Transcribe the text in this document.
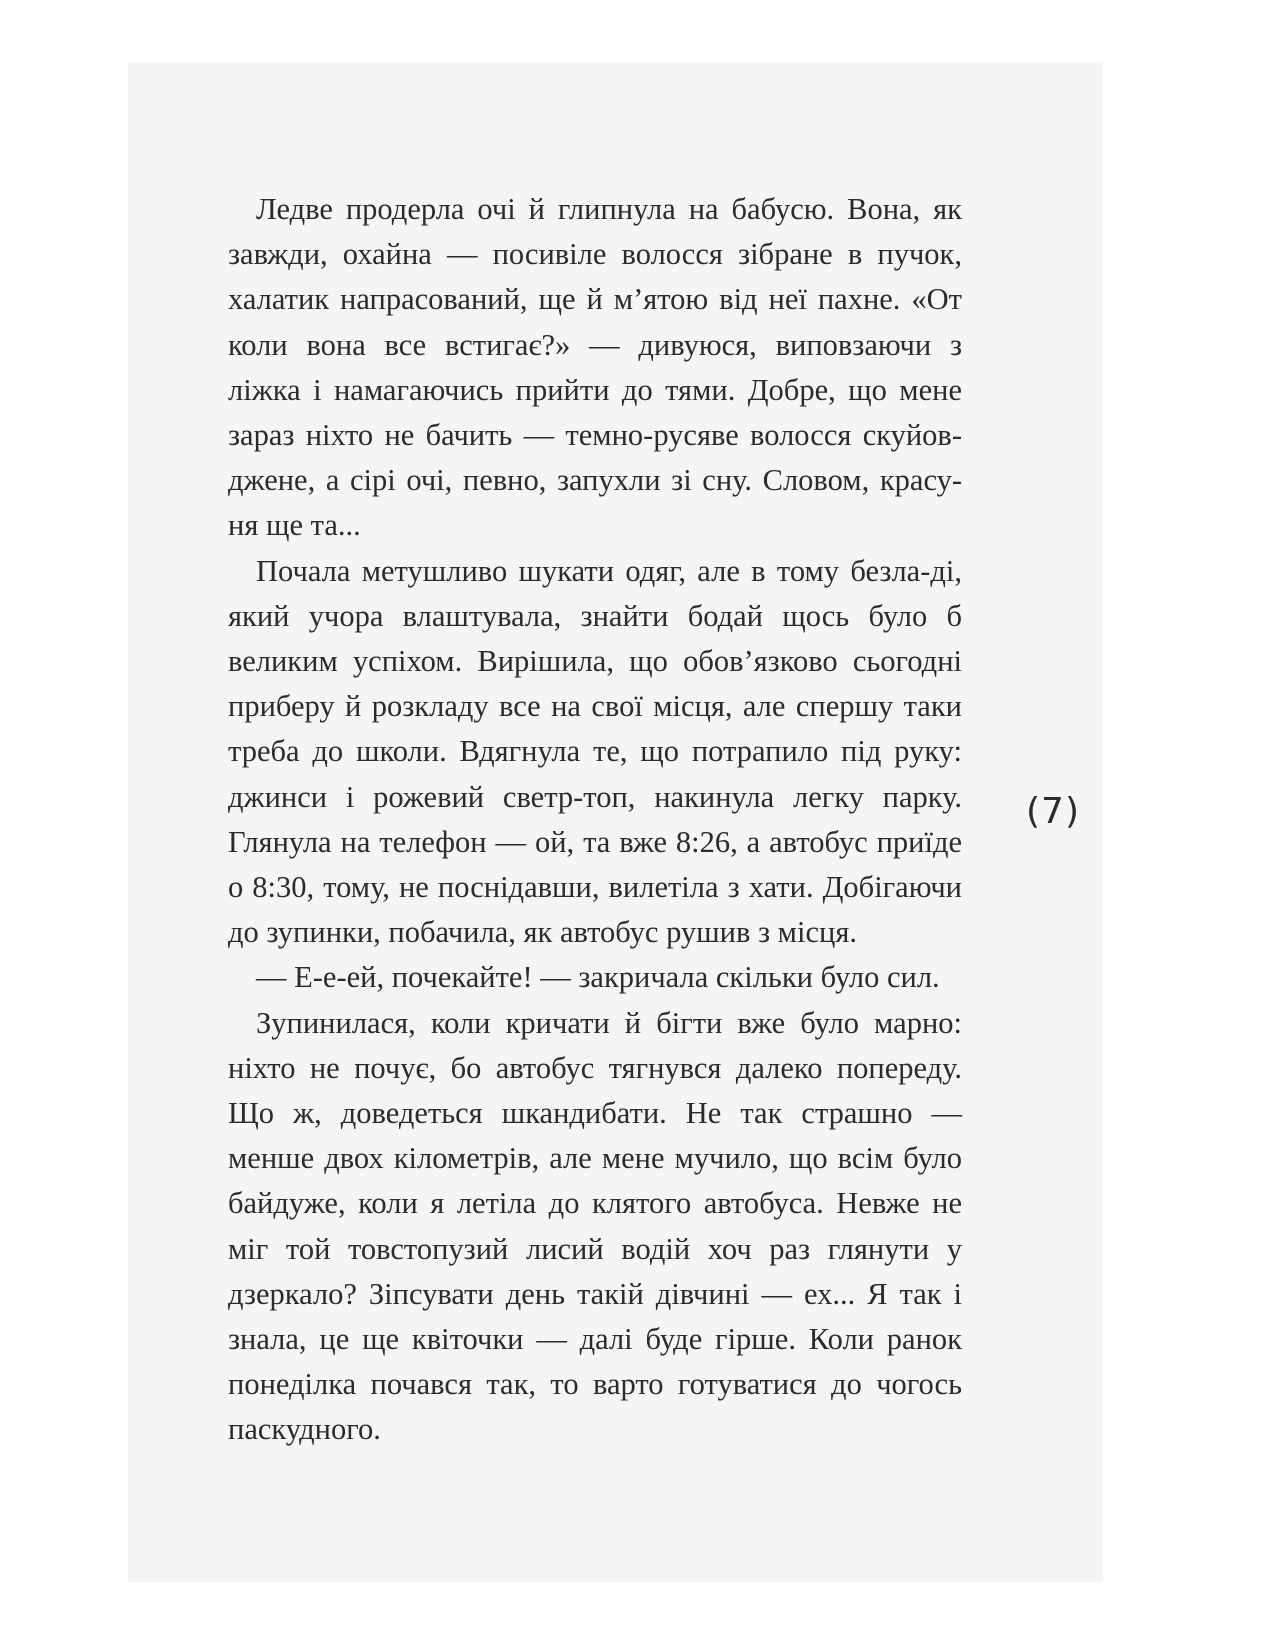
Ледве продерла очі й глипнула на бабусю. Вона, як завжди, охайна — посивіле волосся зібране в пучок, халатик напрасований, ще й м’ятою від неї пахне. «От коли вона все встигає?» — дивуюся, виповзаючи з ліжка і намагаючись прийти до тями. Добре, що мене зараз ніхто не бачить — темно-русяве волосся скуйов-джене, а сірі очі, певно, запухли зі сну. Словом, красу-ня ще та...

Почала метушливо шукати одяг, але в тому безла-ді, який учора влаштувала, знайти бодай щось було б великим успіхом. Вирішила, що обов’язково сьогодні приберу й розкладу все на свої місця, але спершу таки треба до школи. Вдягнула те, що потрапило під руку: джинси і рожевий светр-топ, накинула легку парку. Глянула на телефон — ой, та вже 8:26, а автобус приїде о 8:30, тому, не поснідавши, вилетіла з хати. Добігаючи до зупинки, побачила, як автобус рушив з місця.

— Е-е-ей, почекайте! — закричала скільки було сил.

Зупинилася, коли кричати й бігти вже було марно: ніхто не почує, бо автобус тягнувся далеко попереду. Що ж, доведеться шкандибати. Не так страшно — менше двох кілометрів, але мене мучило, що всім було байдуже, коли я летіла до клятого автобуса. Невже не міг той товстопузий лисий водій хоч раз глянути у дзеркало? Зіпсувати день такій дівчині — ех... Я так і знала, це ще квіточки — далі буде гірше. Коли ранок понеділка почався так, то варто готуватися до чогось паскудного.

(7)
